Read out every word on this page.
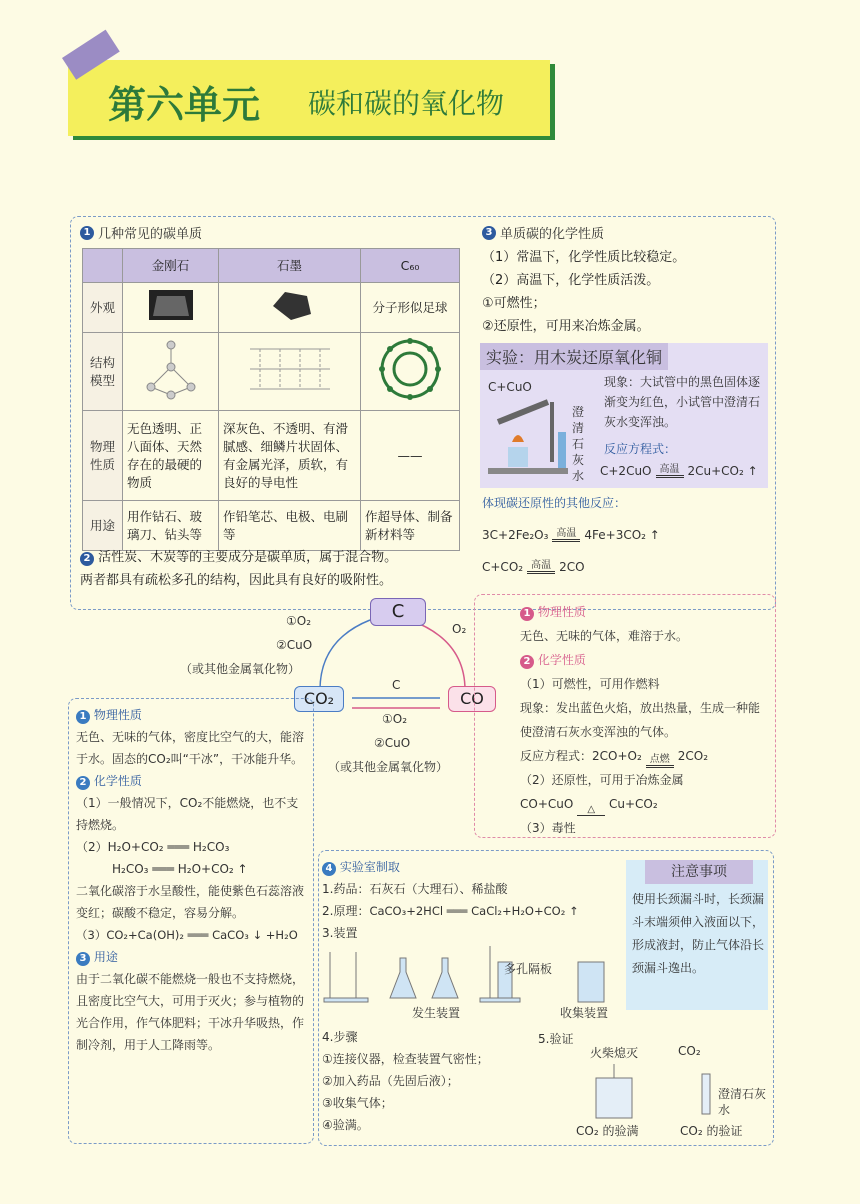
第六单元 碳和碳的氧化物
1 几种常见的碳单质
	金刚石	石墨	C₆₀
外观			分子形似足球
结构模型			
物理性质	无色透明、正八面体、天然存在的最硬的物质	深灰色、不透明、有滑腻感、细鳞片状固体、有金属光泽，质软，有良好的导电性	——
用途	用作钻石、玻璃刀、钻头等	作铅笔芯、电极、电刷等	作超导体、制备新材料等
2 活性炭、木炭等的主要成分是碳单质，属于混合物。
两者都具有疏松多孔的结构，因此具有良好的吸附性。
3 单质碳的化学性质
（1）常温下，化学性质比较稳定。
（2）高温下，化学性质活泼。
①可燃性；
②还原性，可用来冶炼金属。
实验：用木炭还原氧化铜
C+CuO
澄清石灰水
现象：大试管中的黑色固体逐渐变为红色，小试管中澄清石灰水变浑浊。
反应方程式：
C+2CuO 高温 2Cu+CO₂ ↑
体现碳还原性的其他反应：
3C+2Fe₂O₃ 高温 4Fe+3CO₂ ↑
C+CO₂ 高温 2CO
C
CO₂	CO
①O₂
②CuO
（或其他金属氧化物）
O₂
C
①O₂
②CuO
（或其他金属氧化物）
1 物理性质
无色、无味的气体，难溶于水。
2 化学性质
（1）可燃性，可用作燃料
现象：发出蓝色火焰，放出热量，生成一种能使澄清石灰水变浑浊的气体。
反应方程式：2CO+O₂ 点燃 2CO₂
（2）还原性，可用于冶炼金属
CO+CuO	△	Cu+CO₂
（3）毒性
1 物理性质
无色、无味的气体，密度比空气的大，能溶于水。固态的CO₂叫“干冰”，干冰能升华。
2 化学性质
（1）一般情况下，CO₂不能燃烧，也不支持燃烧。
（2）H₂O+CO₂ ═══ H₂CO₃
H₂CO₃ ═══ H₂O+CO₂ ↑
二氧化碳溶于水呈酸性，能使紫色石蕊溶液变红；碳酸不稳定，容易分解。
（3）CO₂+Ca(OH)₂ ═══ CaCO₃ ↓ +H₂O
3 用途
由于二氧化碳不能燃烧一般也不支持燃烧，且密度比空气大，可用于灭火；参与植物的光合作用，作气体肥料；干冰升华吸热，作制冷剂，用于人工降雨等。
4 实验室制取
1.药品：石灰石（大理石）、稀盐酸
2.原理：CaCO₃+2HCl ═══ CaCl₂+H₂O+CO₂ ↑
3.装置
多孔隔板
发生装置	收集装置
4.步骤
①连接仪器，检查装置气密性；
②加入药品（先固后液）；
③收集气体；
④验满。
5.验证
火柴熄灭	CO₂
澄清石灰水
CO₂ 的验满	CO₂ 的验证
注意事项
使用长颈漏斗时，长颈漏斗末端须伸入液面以下，形成液封，防止气体沿长颈漏斗逸出。
